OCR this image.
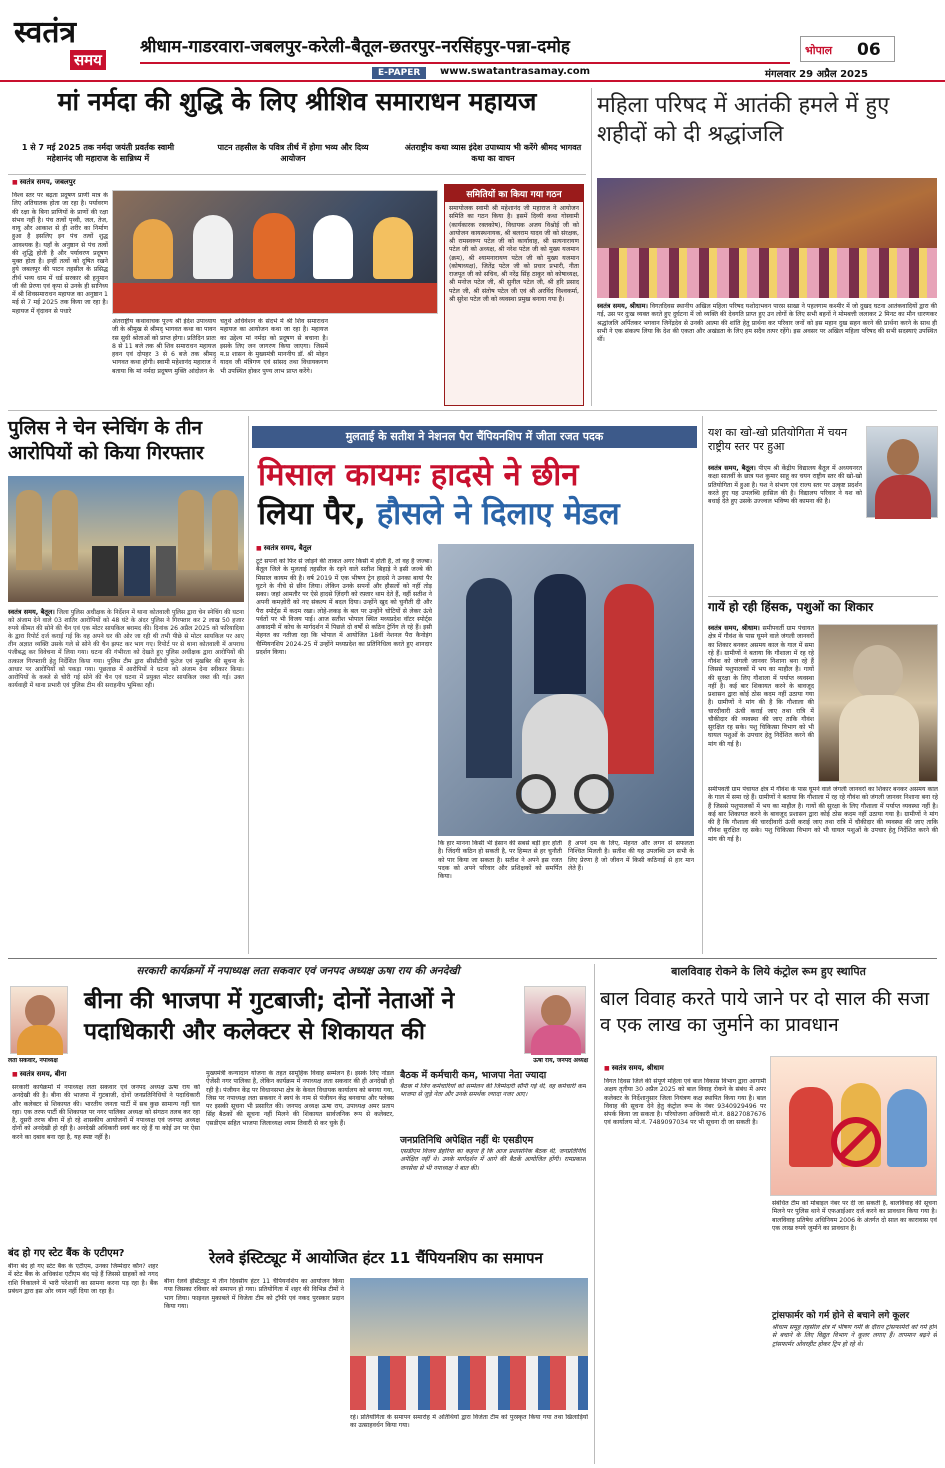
स्वतंत्र
समय
श्रीधाम-गाडरवारा-जबलपुर-करेली-बैतूल-छतरपुर-नरसिंहपुर-पन्ना-दमोह	भोपाल 06
E-PAPER	www.swatantrasamay.com	मंगलवार 29 अप्रैल 2025
मां नर्मदा की शुद्धि के लिए श्रीशिव समाराधन महायज
1 से 7 मई 2025 तक नर्मदा जयंती प्रवर्तक स्वामी महेशानंद जी महाराज के सान्निध्य में
पाटन तहसील के पवित्र तीर्थ में होगा भव्य और दिव्य आयोजन
अंतराष्ट्रीय कथा व्यास इंदेश उपाध्याय भी करेंगे श्रीमद भागवत कथा का वाचन
■ स्वतंत्र समय, जबलपुर
विश्व स्तर पर बढ़ता प्रदूषण प्राणी मात्र के लिए अतिघातक होता जा रहा है। पर्यावरण की रक्षा के बिना प्राणियों के प्राणों की रक्षा संभव नहीं है। पंच तत्वों पृथ्वी, जल, तेज, वायु और आकाश से ही शरीर का निर्माण हुआ है इसलिए इन पंच तत्वों शुद्ध आवश्यक है। यहाँ के अनुष्ठान से पंच तत्वों की शुद्धि होती है और पर्यावरण प्रदूषण मुक्त होता है। इन्हीं तत्वों को दूषित रखने हुये जबलपुर की पाटन तहसील के प्रसिद्ध तीर्थ भव्य धाम में धर्ड सरकार श्री हनुमान जी की प्रेरणा एवं कृपा से उनके ही सानिध्य में श्री शिवसमाराधन महायज का अनुष्ठान 1 मई से 7 मई 2025 तक किया जा रहा है। महायज में वृंदावन से पधारे
अंतराष्ट्रीय कथावाचक पूज्य श्री इंदेश उपाध्याय जी के श्रीमुख से श्रीमद् भागवत कथा का पावन रस सुधी श्रोताओं को प्राप्त होगा। प्रतिदिन प्रातः 8 से 11 बजे तक श्री शिव समाराधन महायज हवन एवं दोपहर 3 से 6 बजे तक श्रीमद् भागवत कथा होगी। स्वामी महेशानंद महाराज ने बताया कि मां नर्मदा प्रदूषण मुक्ति आंदोलन के
चतुर्थ अधिवेशन के संदर्भ में श्री शिव समाराधन महायज का आयोजन कथा जा रहा है। महायज का उद्देश्य मां नर्मदा को प्रदूषण से बचाना है। इसके लिए जन जागरण किया जाएगा। जिसमें म.प्र शासन के मुख्यमंत्री माननीय डॉ. श्री मोहन यादव जी मंत्रिगण एवं सांसद तथा विधायकगण भी उपस्थित होकर पुण्य लाभ प्राप्त करेंगे।
समितियों का किया गया गठन
समायोजक स्वामी श्री महेशानंद जी महाराज ने आयोजन समिति का गठन किया है। इसमें दिव्यी कथा गोस्वामी (कार्यकारक रक्तकोष), विधायक अजय विश्नोई जी को आयोजन कायस्थनायक, श्री बलराम यादव जी को संरक्षक, श्री रामस्वरूप पटेल जी को कार्यावाह, श्री सत्यनारायण पटेल जी को अध्यक्ष, श्री नरेश पटेल जी को मुख्य यजमान (क्रम), श्री श्यामनारायण पटेल जी को मुख्य यजमान (कोषाध्यक्ष), जितेंद्र पटेल जी को प्रचार प्रभारी, नीता राजपूत जी को सचिव, श्री नरेंद्र सिंह ठाकुर को कोषाध्यक्ष, श्री मनोज पटेल जी, श्री सुनील पटेल जी, श्री हरि प्रसाद पटेल जी, श्री संतोष पटेल जी एवं श्री अरविंद विश्वकर्मा, श्री सुरेश पटेल जी को व्यवस्था प्रमुख बनाया गया है।
महिला परिषद में आतंकी हमले में हुए शहीदों को दी श्रद्धांजलि
स्वतंत्र समय, श्रीधाम। विगतदिवस स्थानीय अखिल महिला परिषद यशोदाभवन पारस साखा ने पहलगाम कश्मीर में जो दुखद घटना आतंकवादियों द्वारा की गई, उस पर दुःख व्यक्त करते हुए दुर्घटना में जो व्यक्ति की देवगति प्राप्त हुए उन लोगों के लिए सभी बहनों ने मोमबत्ती जलाकर 2 मिनट का मौन धारणकर श्रद्धांजलि अर्पितकर भगवान जिनेंद्रदेव से उनकी आत्मा की शांति हेतु प्रार्थना कर परिवार जनों को इस महान दुख सहन करने की प्रार्थना करने के साथ ही सभी ने एक संकल्प लिया कि देश की एकता और अखंडता के लिए हम सदैव तत्पर रहेंगे। इस अवसर पर अखिल महिला परिषद की सभी सदस्याएं उपस्थित थीं।
पुलिस ने चेन स्नेचिंग के तीन आरोपियों को किया गिरफ्तार
स्वतंत्र समय, बैतूल। जिला पुलिस अधीक्षक के निर्देशन में थाना कोतवाली पुलिस द्वारा चेन स्नेचिंग की घटना को अंजाम देने वाले 03 शातिर आरोपियों को 48 घंटे के अंदर पुलिस ने गिरफ्तार कर 2 लाख 50 हजार रुपये कीमत की सोने की चैन एवं एक मोटर सायकिल बरामद की। दिनांक 26 अप्रैल 2025 को फरियादिया के द्वारा रिपोर्ट दर्ज कराई गई कि वह अपने घर की ओर जा रही थी तभी पीछे से मोटर सायकिल पर आए तीन अज्ञात व्यक्ति उसके गले से सोने की चैन झपट कर भाग गए। रिपोर्ट पर से थाना कोतवाली में अपराध पंजीबद्ध कर विवेचना में लिया गया। घटना की गंभीरता को देखते हुए पुलिस अधीक्षक द्वारा आरोपियों की तत्काल गिरफ्तारी हेतु निर्देशित किया गया। पुलिस टीम द्वारा सीसीटीवी फुटेज एवं मुखबिर की सूचना के आधार पर आरोपियों को पकड़ा गया। पूछताछ में आरोपियों ने घटना को अंजाम देना स्वीकार किया। आरोपियों के कब्जे से चोरी गई सोने की चैन एवं घटना में प्रयुक्त मोटर सायकिल जब्त की गई। उक्त कार्यवाही में थाना प्रभारी एवं पुलिस टीम की सराहनीय भूमिका रही।
मुलताई के सतीश ने नेशनल पैरा चैंपियनशिप में जीता रजत पदक
मिसाल कायमः हादसे ने छीन
लिया पैर, हौसले ने दिलाए मेडल
■ स्वतंत्र समय, बैतूल
टूटे सपनों को फिर से जोड़ने की ताकत अगर किसी में होती है, तो वह है जज्बा। बैतूल जिले के मुलताई तहसील के रहने वाले सतीश बिहाड़े ने इसी जज्बे की मिसाल कायम की है। वर्ष 2019 में एक भीषण ट्रेन हादसे ने उनका बायां पैर घुटने के नीचे से छीन लिया। लेकिन उनके सपनों और हौसलों को नहीं तोड़ सका। जहां आमतौर पर ऐसे हादसे ज़िंदगी को रफ़्तार थाम देते हैं, वहीं सतीश ने अपनी कमज़ोरी को नए संकल्प में बदल दिया। उन्होंने खुद को चुनौती दी और पैरा स्पोर्ट्स में कदम रखा। लोहे-लकड़ के बल पर उन्होंने चोटियों से लेकर ऊंचे पर्वतों पर भी विजय पाई। आज सतीश भोपाल स्थित मध्यप्रदेश वॉटर स्पोर्ट्स अकादमी में कोच के मार्गदर्शन में पिछले दो वर्षों से कठिन ट्रेनिंग ले रहे हैं। इसी मेहनत का नतीजा रहा कि भोपाल में आयोजित 18वीं नेशनल पैरा कैनोइंग चैम्पियनशिप 2024-25 में उन्होंने मध्यप्रदेश का प्रतिनिधित्व करते हुए शानदार प्रदर्शन किया।
कि हार मानना किसी भी इंसान की सबसे बड़ी हार होती है। जिंदगी कठिन हो सकती है, पर हिम्मत से हर चुनौती को पार किया जा सकता है। सतीश ने अपने इस रजत पदक को अपने परिवार और प्रशिक्षकों को समर्पित किया।
है अपने दम के लिए, मेहनत और लगन से सफलता निश्चित मिलती है। सतीश की यह उपलब्धि उन सभी के लिए प्रेरणा है जो जीवन में किसी कठिनाई से हार मान लेते हैं।
यश का खो-खो प्रतियोगिता में चयन राष्ट्रीय स्तर पर हुआ
स्वतंत्र समय, बैतूल। पीएम श्री केंद्रीय विद्यालय बैतूल में अध्ययनरत कक्षा सातवीं के छात्र यश कुमार साहू का चयन राष्ट्रीय स्तर की खो-खो प्रतियोगिता में हुआ है। यश ने संभाग एवं राज्य स्तर पर उत्कृष्ट प्रदर्शन करते हुए यह उपलब्धि हासिल की है। विद्यालय परिवार ने यश को बधाई देते हुए उसके उज्ज्वल भविष्य की कामना की है।
गायें हो रही हिंसक, पशुओं का शिकार
स्वतंत्र समय, श्रीधाम। समीपवर्ती ग्राम पंचायत क्षेत्र में गौवंश के पास घूमने वाले जंगली जानवरों का शिकार बनकर असमय काल के गाल में समा रहे हैं। ग्रामीणों ने बताया कि गौशाला में रह रहे गौवंश को जंगली जानवर निशाना बना रहे हैं जिससे पशुपालकों में भय का माहौल है। गायों की सुरक्षा के लिए गौशाला में पर्याप्त व्यवस्था नहीं है। कई बार शिकायत करने के बावजूद प्रशासन द्वारा कोई ठोस कदम नहीं उठाया गया है। ग्रामीणों ने मांग की है कि गौशाला की चारदीवारी ऊंची कराई जाए तथा रात्रि में चौकीदार की व्यवस्था की जाए ताकि गौवंश सुरक्षित रह सके। पशु चिकित्सा विभाग को भी घायल पशुओं के उपचार हेतु निर्देशित करने की मांग की गई है।
समीपवर्ती ग्राम पंचायत क्षेत्र में गौवंश के पास घूमने वाले जंगली जानवरों का शिकार बनकर असमय काल के गाल में समा रहे हैं। ग्रामीणों ने बताया कि गौशाला में रह रहे गौवंश को जंगली जानवर निशाना बना रहे हैं जिससे पशुपालकों में भय का माहौल है। गायों की सुरक्षा के लिए गौशाला में पर्याप्त व्यवस्था नहीं है। कई बार शिकायत करने के बावजूद प्रशासन द्वारा कोई ठोस कदम नहीं उठाया गया है। ग्रामीणों ने मांग की है कि गौशाला की चारदीवारी ऊंची कराई जाए तथा रात्रि में चौकीदार की व्यवस्था की जाए ताकि गौवंश सुरक्षित रह सके। पशु चिकित्सा विभाग को भी घायल पशुओं के उपचार हेतु निर्देशित करने की मांग की गई है।
सरकारी कार्यक्रमों में नपाध्यक्ष लता सकवार एवं जनपद अध्यक्ष ऊषा राय की अनदेखी
लता सकवार, नपाध्यक्ष
बीना की भाजपा में गुटबाजी; दोनों नेताओं ने पदाधिकारी और कलेक्टर से शिकायत की
ऊषा राय, जनपद अध्यक्ष
■ स्वतंत्र समय, बीना
सरकारी कार्यक्रमों में नपाध्यक्ष लता सकवार एवं जनपद अध्यक्ष ऊषा राय को अनदेखी की है। बीना की भाजपा में गुटबाजी, दोनों जनप्रतिनिधियों ने पदाधिकारी और कलेक्टर से शिकायत की। भारतीय जनता पार्टी में सब कुछ सामान्य नहीं चल रहा। एक तरफ पार्टी की शिकायत पर नगर पालिका अध्यक्ष को संगठन तलब कर रहा है, दूसरी तरफ बीना में हो रहे शासकीय आयोजनों में नपाध्यक्ष एवं जनपद अध्यक्ष दोनों को अनदेखी हो रही है। अनदेखी अधिकारी स्वयं कर रहे हैं या कोई उन पर ऐसा करने का दबाव बना रहा है, यह स्पष्ट नहीं है।
मुख्यमंत्री कन्यादान योजना के तहत सामूहिक विवाह सम्मेलन है। इसके लिए नोडल ऐजेंसी नगर पालिका है, लेकिन कार्यक्रम में नपाध्यक्ष लता सकवार की ही अनदेखी हो रही है। पंजीयन केंद्र पर विधानसभा क्षेत्र के केवल विधायक कार्यालय को बनाया गया, जिस पर नपाध्यक्ष लता सकवार ने स्वयं के नाम से पंजीयन केंद्र बनवाया और फ्लेक्स पर इसकी सूचना भी प्रसारित की। जनपद अध्यक्ष ऊषा राय, उपाध्यक्ष अमर प्रताप सिंह बैठकों की सूचना नहीं मिलने की शिकायत सार्वजनिक रूप से कलेक्टर, एसडीएम सहित भाजपा जिलाध्यक्ष श्याम तिवारी से कर चुके हैं।
बैठक में कर्मचारी कम, भाजपा नेता ज्यादा
बैठक में जिन कर्मचारियों को सम्मेलन की जिम्मेदारी सौंपी गई थी, वह कर्मचारी कम भाजपा से जुड़े नेता और उनके समर्थक ज्यादा नजर आए।
जनप्रतिनिधि अपेक्षित नहीं थेः एसडीएम
एसडीएम विजय डेहरिया का कहना है कि आज प्रशासनिक बैठक थी, जनप्रतिनिधि अपेक्षित नहीं थे। उनके मार्गदर्शन में आगे की बैठकें आयोजित होंगी। रामप्रकाश जनसेवा से भी नपाध्यक्ष ने बात की।
बंद हो गए स्टेट बैंक के एटीएम?
बीना बंद हो गए स्टेट बैंक के एटीएम, उनका जिम्मेदार कौन? शहर में स्टेट बैंक के अधिकांश एटीएम बंद पड़े हैं जिससे ग्राहकों को नगद राशि निकालने में भारी परेशानी का सामना करना पड़ रहा है। बैंक प्रबंधन द्वारा इस ओर ध्यान नहीं दिया जा रहा है।
रेलवे इंस्टिट्यूट में आयोजित हंटर 11 चैंपियनशिप का समापन
बीना रेलवे इंस्टिट्यूट में तीन दिवसीय हंटर 11 चैंपियनशिप का आयोजन किया गया जिसका रविवार को समापन हो गया। प्रतियोगिता में शहर की विभिन्न टीमों ने भाग लिया। फाइनल मुकाबले में विजेता टीम को ट्रॉफी एवं नकद पुरस्कार प्रदान किया गया।
रहे। प्रतियोगिता के समापन समारोह में अतिथियों द्वारा विजेता टीम को पुरस्कृत किया गया तथा खिलाड़ियों का उत्साहवर्धन किया गया।
बालविवाह रोकने के लिये कंट्रोल रूम हुए स्थापित
बाल विवाह करते पाये जाने पर दो साल की सजा व एक लाख का जुर्माने का प्रावधान
■ स्वतंत्र समय, श्रीधाम
विगत दिवस जिले की संपूर्ण महिला एवं बाल विकास विभाग द्वारा आगामी अक्षय तृतीया 30 अप्रैल 2025 को बाल विवाह रोकने के संबंध में अपर कलेक्टर के निर्देशानुसार जिला नियंत्रण कक्ष स्थापित किया गया है। बाल विवाह की सूचना देने हेतु कंट्रोल रूम के नंबर 9340929496 पर संपर्क किया जा सकता है। परियोजना अधिकारी मो.नं. 8827087676 एवं कार्यालय मो.नं. 7489097034 पर भी सूचना दी जा सकती है।
संबंधित टीम को मोबाइल नंबर पर दी जा सकती है, बालविवाह की सूचना मिलने पर पुलिस थाने में एफआईआर दर्ज करने का प्रावधान किया गया है। बालविवाह प्रतिषेध अधिनियम 2006 के अंतर्गत दो साल का कारावास एवं एक लाख रुपये जुर्माने का प्रावधान है।
ट्रांसफार्मर को गर्म होने से बचाने लगे कूलर
श्रीधाम समूह तहसील क्षेत्र में भीषण गर्मी के दौरान ट्रांसफार्मरों को गर्म होने से बचाने के लिए विद्युत विभाग ने कूलर लगाए हैं। तापमान बढ़ने से ट्रांसफार्मर ओवरहीट होकर ट्रिप हो रहे थे।
